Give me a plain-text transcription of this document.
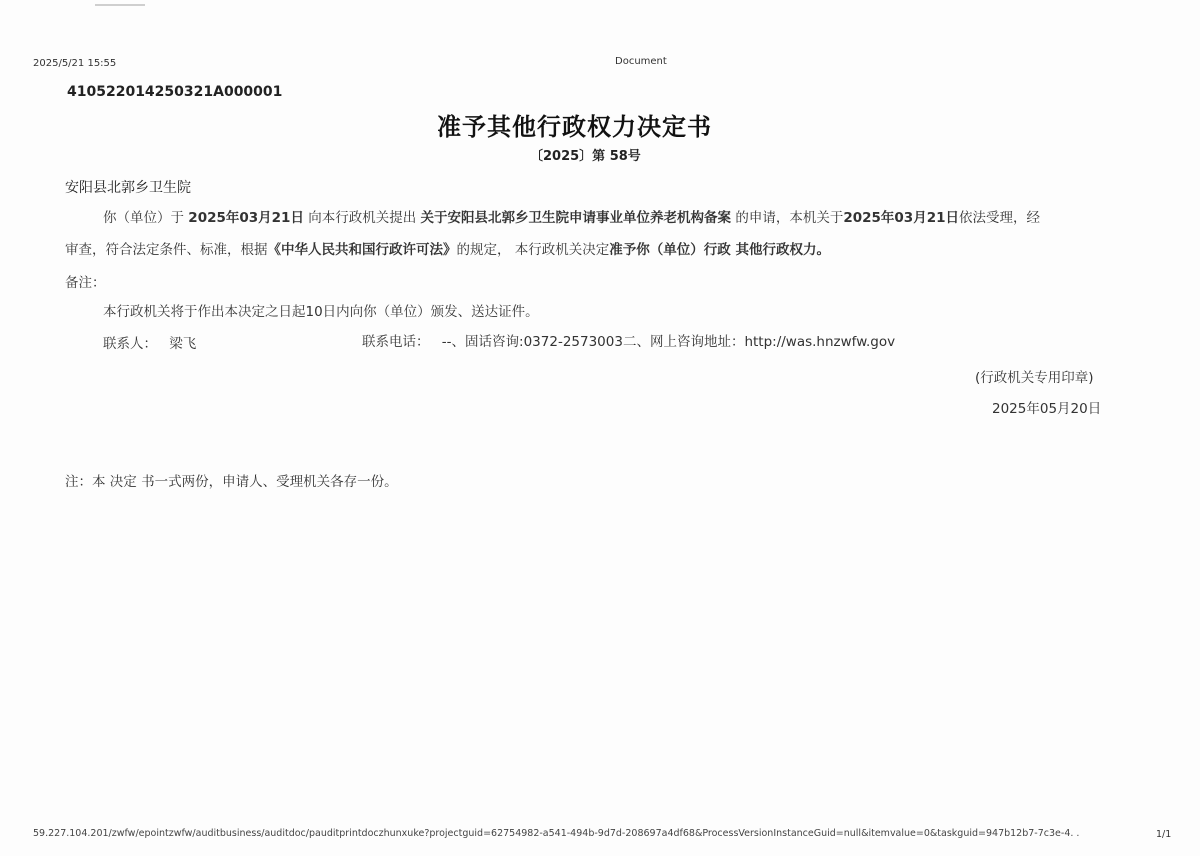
2025/5/21 15:55	Document
410522014250321A000001
准予其他行政权力决定书
〔2025〕第 58号
安阳县北郭乡卫生院
你（单位）于 2025年03月21日 向本行政机关提出 关于安阳县北郭乡卫生院申请事业单位养老机构备案 的申请，本机关于2025年03月21日依法受理，经
审查，符合法定条件、标准，根据《中华人民共和国行政许可法》的规定， 本行政机关决定准予你（单位）行政 其他行政权力。
备注：
本行政机关将于作出本决定之日起10日内向你（单位）颁发、送达证件。
联系人： 梁飞	联系电话： --、固话咨询:0372-2573003二、网上咨询地址：http://was.hnzwfw.gov
(行政机关专用印章)
2025年05月20日
注：本 决定 书一式两份，申请人、受理机关各存一份。
59.227.104.201/zwfw/epointzwfw/auditbusiness/auditdoc/pauditprintdoczhunxuke?projectguid=62754982-a541-494b-9d7d-208697a4df68&ProcessVersionInstanceGuid=null&itemvalue=0&taskguid=947b12b7-7c3e-4. .	1/1
